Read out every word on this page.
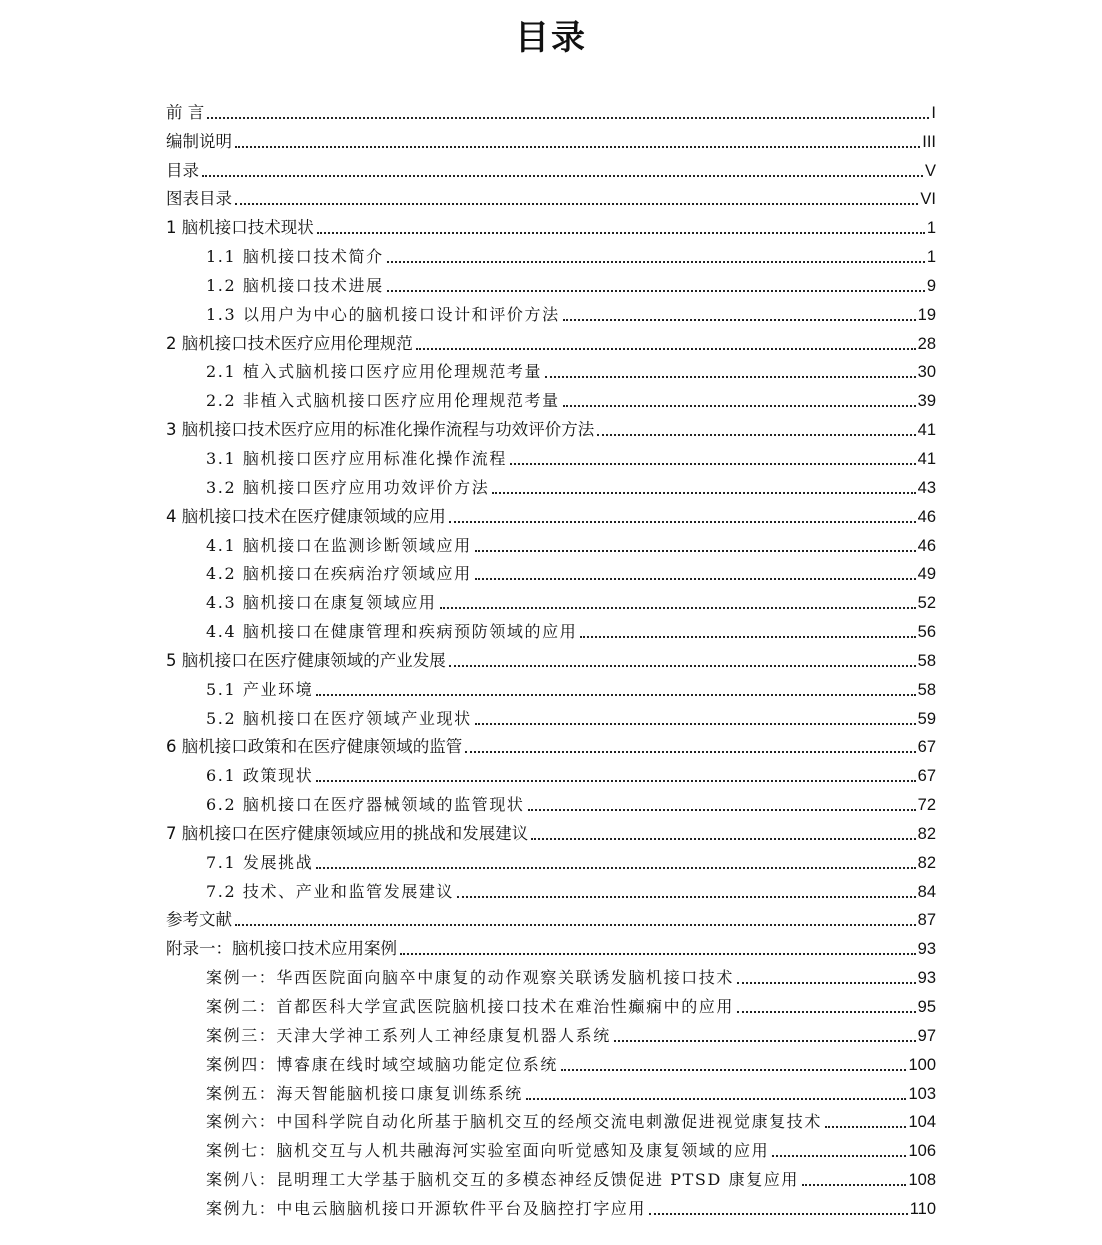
目录
前 言	I
编制说明	III
目录	V
图表目录	VI
1 脑机接口技术现状	1
1.1 脑机接口技术简介	1
1.2 脑机接口技术进展	9
1.3 以用户为中心的脑机接口设计和评价方法	19
2 脑机接口技术医疗应用伦理规范	28
2.1 植入式脑机接口医疗应用伦理规范考量	30
2.2 非植入式脑机接口医疗应用伦理规范考量	39
3 脑机接口技术医疗应用的标准化操作流程与功效评价方法	41
3.1 脑机接口医疗应用标准化操作流程	41
3.2 脑机接口医疗应用功效评价方法	43
4 脑机接口技术在医疗健康领域的应用	46
4.1 脑机接口在监测诊断领域应用	46
4.2 脑机接口在疾病治疗领域应用	49
4.3 脑机接口在康复领域应用	52
4.4 脑机接口在健康管理和疾病预防领域的应用	56
5 脑机接口在医疗健康领域的产业发展	58
5.1 产业环境	58
5.2 脑机接口在医疗领域产业现状	59
6 脑机接口政策和在医疗健康领域的监管	67
6.1 政策现状	67
6.2 脑机接口在医疗器械领域的监管现状	72
7 脑机接口在医疗健康领域应用的挑战和发展建议	82
7.1 发展挑战	82
7.2 技术、产业和监管发展建议	84
参考文献	87
附录一：脑机接口技术应用案例	93
案例一：华西医院面向脑卒中康复的动作观察关联诱发脑机接口技术	93
案例二：首都医科大学宣武医院脑机接口技术在难治性癫痫中的应用	95
案例三：天津大学神工系列人工神经康复机器人系统	97
案例四：博睿康在线时域空域脑功能定位系统	100
案例五：海天智能脑机接口康复训练系统	103
案例六：中国科学院自动化所基于脑机交互的经颅交流电刺激促进视觉康复技术	104
案例七：脑机交互与人机共融海河实验室面向听觉感知及康复领域的应用	106
案例八：昆明理工大学基于脑机交互的多模态神经反馈促进 PTSD 康复应用	108
案例九：中电云脑脑机接口开源软件平台及脑控打字应用	110
